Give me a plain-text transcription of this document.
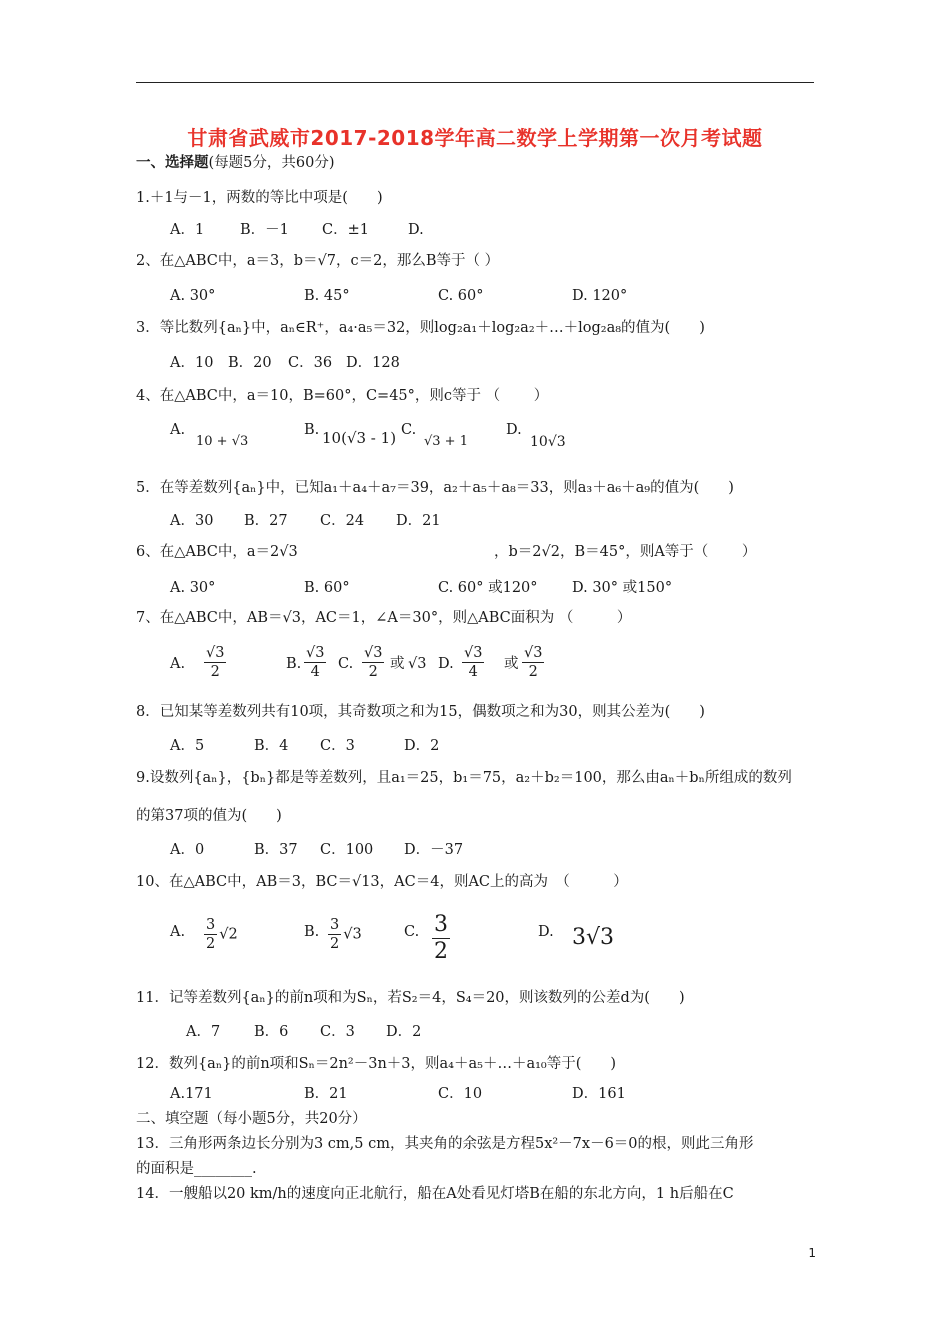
甘肃省武威市2017-2018学年高二数学上学期第一次月考试题
一、选择题(每题5分，共60分)
1.＋1与－1，两数的等比中项是(　　)
A．1 B．－1 C．±1	D.
2、在△ABC中，a＝3，b＝√7，c＝2，那么B等于（ ）
A. 30°	B. 45°	C. 60°	D. 120°
3．等比数列{aₙ}中，aₙ∈R⁺，a₄·a₅＝32，则log₂a₁＋log₂a₂＋…＋log₂a₈的值为(　　)
A．10 B．20 C．36 D．128
4、在△ABC中，a＝10，B=60°，C=45°，则c等于 （　　 ）
A.
10 + √3
B. 10(√3 - 1) C.
√3 + 1
D.
10√3
5．在等差数列{aₙ}中，已知a₁＋a₄＋a₇＝39，a₂＋a₅＋a₈＝33，则a₃＋a₆＋a₉的值为(　　)
A．30 B．27 C．24 D．21
6、在△ABC中，a＝2√3	，b＝2√2，B＝45°，则A等于（　　 ）
A. 30°	B. 60°	C. 60° 或120° D. 30° 或150°
7、在△ABC中，AB＝√3，AC＝1，∠A＝30°，则△ABC面积为 （　　　）
A. $\frac{√3}{2}$	B. $\frac{√3}{4} C$. $\frac{√3}{2}$ 或 √3 D. $\frac{√3}{4}$ 或 $\frac{√3}{2}$
8．已知某等差数列共有10项，其奇数项之和为15，偶数项之和为30，则其公差为(　　)
A．5	B．4 C．3	D．2
9.设数列{aₙ}，{bₙ}都是等差数列，且a₁＝25，b₁＝75，a₂＋b₂＝100，那么由aₙ＋bₙ所组成的数列
的第37项的值为(　　)
A．0	B．37 C．100 D．－37
10、在△ABC中，AB＝3，BC＝√13，AC＝4，则AC上的高为　（　　　）
A. $\frac{3}{2} √2$	B. $\frac{3}{2} √3$	C. $\frac{3}{2}$	D. 3√3
11．记等差数列{aₙ}的前n项和为Sₙ，若S₂＝4，S₄＝20，则该数列的公差d为(　　)
A．7 B．6 C．3 D．2
12．数列{aₙ}的前n项和Sₙ＝2n²－3n＋3，则a₄＋a₅＋…＋a₁₀等于(　　)
A.171	B．21	C．10	D．161
二、填空题（每小题5分，共20分）
13．三角形两条边长分别为3 cm,5 cm，其夹角的余弦是方程5x²－7x－6＝0的根，则此三角形
的面积是________.
14．一艘船以20 km/h的速度向正北航行，船在A处看见灯塔B在船的东北方向，1 h后船在C
1
